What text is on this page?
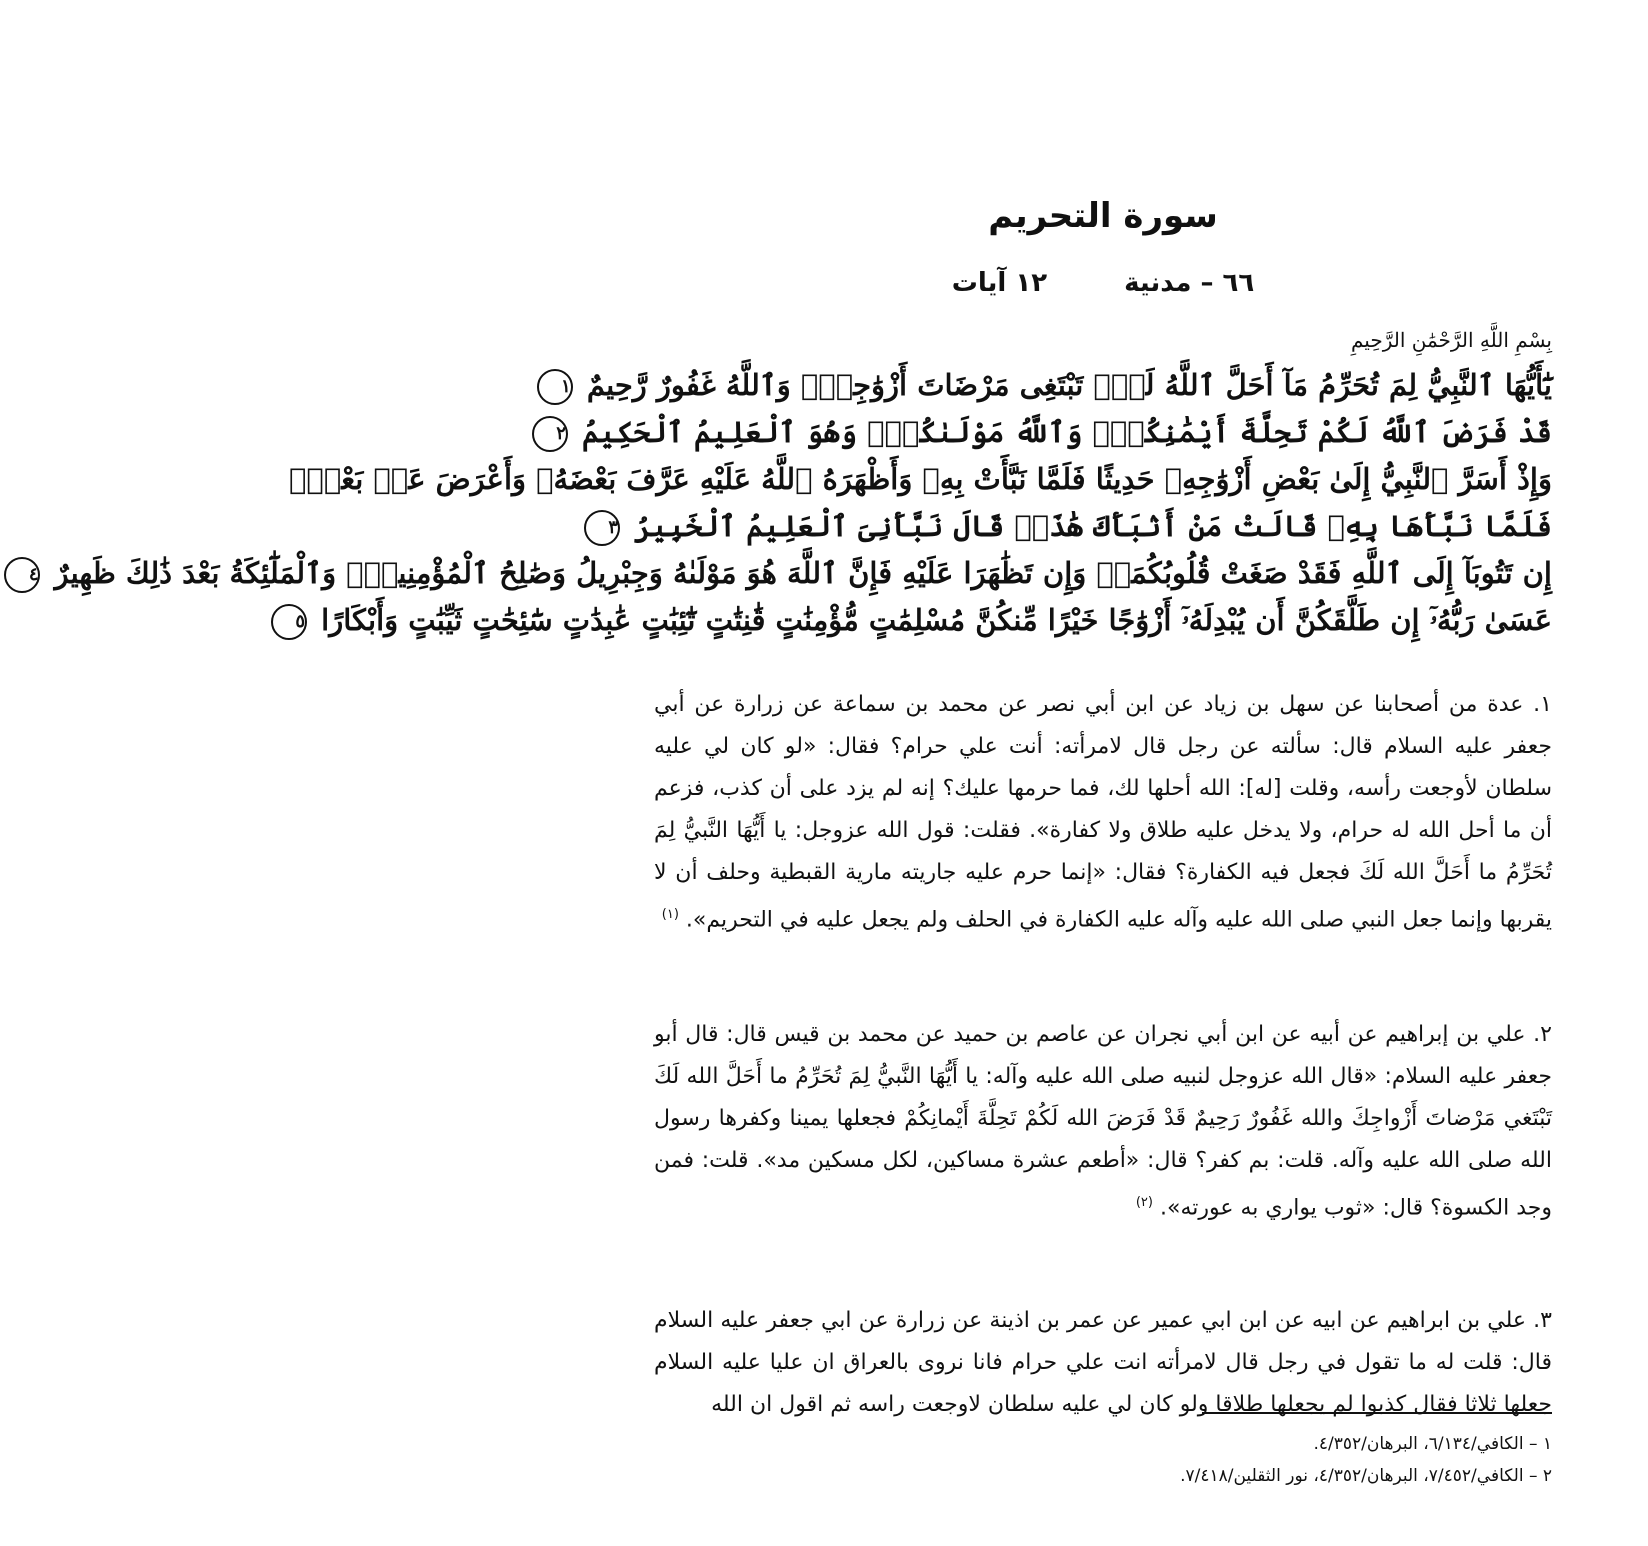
سورة التحريم
٦٦ – مدنية ١٢ آيات
بِسْمِ اللَّهِ الرَّحْمَٰنِ الرَّحِيمِ
يَٰٓأَيُّهَا ٱلنَّبِيُّ لِمَ تُحَرِّمُ مَآ أَحَلَّ ٱللَّهُ لَكَۖ تَبْتَغِى مَرْضَاتَ أَزْوَٰجِكَۚ وَٱللَّهُ غَفُورٌ رَّحِيمٌ ١
قَدْ فَرَضَ ٱللَّهُ لَكُمْ تَحِلَّةَ أَيْمَٰنِكُمْۚ وَٱللَّهُ مَوْلَىٰكُمْۖ وَهُوَ ٱلْعَلِيمُ ٱلْحَكِيمُ ٢
وَإِذْ أَسَرَّ ٱلنَّبِيُّ إِلَىٰ بَعْضِ أَزْوَٰجِهِۦ حَدِيثًا فَلَمَّا نَبَّأَتْ بِهِۦ وَأَظْهَرَهُ ٱللَّهُ عَلَيْهِ عَرَّفَ بَعْضَهُۥ وَأَعْرَضَ عَنۢ بَعْضٍۖ
فَلَمَّا نَبَّأَهَا بِهِۦ قَالَتْ مَنْ أَنۢبَأَكَ هَٰذَاۖ قَالَ نَبَّأَنِىَ ٱلْعَلِيمُ ٱلْخَبِيرُ ٣
إِن تَتُوبَآ إِلَى ٱللَّهِ فَقَدْ صَغَتْ قُلُوبُكُمَاۖ وَإِن تَظَٰهَرَا عَلَيْهِ فَإِنَّ ٱللَّهَ هُوَ مَوْلَىٰهُ وَجِبْرِيلُ وَصَٰلِحُ ٱلْمُؤْمِنِينَۖ وَٱلْمَلَٰٓئِكَةُ بَعْدَ ذَٰلِكَ ظَهِيرٌ ٤
عَسَىٰ رَبُّهُۥٓ إِن طَلَّقَكُنَّ أَن يُبْدِلَهُۥٓ أَزْوَٰجًا خَيْرًا مِّنكُنَّ مُسْلِمَٰتٍ مُّؤْمِنَٰتٍ قَٰنِتَٰتٍ تَٰٓئِبَٰتٍ عَٰبِدَٰتٍ سَٰٓئِحَٰتٍ ثَيِّبَٰتٍ وَأَبْكَارًا ٥

١. عدة من أصحابنا عن سهل بن زياد عن ابن أبي نصر عن محمد بن سماعة عن زرارة عن أبي جعفر عليه السلام قال: سألته عن رجل قال لامرأته: أنت علي حرام؟ فقال: «لو كان لي عليه سلطان لأوجعت رأسه، وقلت [له]: الله أحلها لك، فما حرمها عليك؟ إنه لم يزد على أن كذب، فزعم أن ما أحل الله له حرام، ولا يدخل عليه طلاق ولا كفارة». فقلت: قول الله عزوجل: يا أَيُّهَا النَّبيُّ لِمَ تُحَرِّمُ ما أَحَلَّ الله لَكَ فجعل فيه الكفارة؟ فقال: «إنما حرم عليه جاريته مارية القبطية وحلف أن لا يقربها وإنما جعل النبي صلى الله عليه وآله عليه الكفارة في الحلف ولم يجعل عليه في التحريم». $^{(١)}$

٢. علي بن إبراهيم عن أبيه عن ابن أبي نجران عن عاصم بن حميد عن محمد بن قيس قال: قال أبو جعفر عليه السلام: «قال الله عزوجل لنبيه صلى الله عليه وآله: يا أَيُّهَا النَّبيُّ لِمَ تُحَرِّمُ ما أَحَلَّ الله لَكَ تَبْتَغي مَرْضاتَ أَزْواجِكَ والله غَفُورٌ رَحِيمٌ قَدْ فَرَضَ الله لَكُمْ تَحِلَّةَ أَيْمانِكُمْ فجعلها يمينا وكفرها رسول الله صلى الله عليه وآله. قلت: بم كفر؟ قال: «أطعم عشرة مساكين، لكل مسكين مد». قلت: فمن وجد الكسوة؟ قال: «ثوب يواري به عورته». $^{(٢)}$

٣. علي بن ابراهيم عن ابيه عن ابن ابي عمير عن عمر بن اذينة عن زرارة عن ابي جعفر عليه السلام قال: قلت له ما تقول في رجل قال لامرأته انت علي حرام فانا نروى بالعراق ان عليا عليه السلام جعلها ثلاثا فقال كذبوا لم يجعلها طلاقا ولو كان لي عليه سلطان لاوجعت راسه ثم اقول ان الله

١ – الكافي/٦/١٣٤، البرهان/٤/٣٥٢.
٢ – الكافي/٧/٤٥٢، البرهان/٤/٣٥٢، نور الثقلين/٧/٤١٨.
